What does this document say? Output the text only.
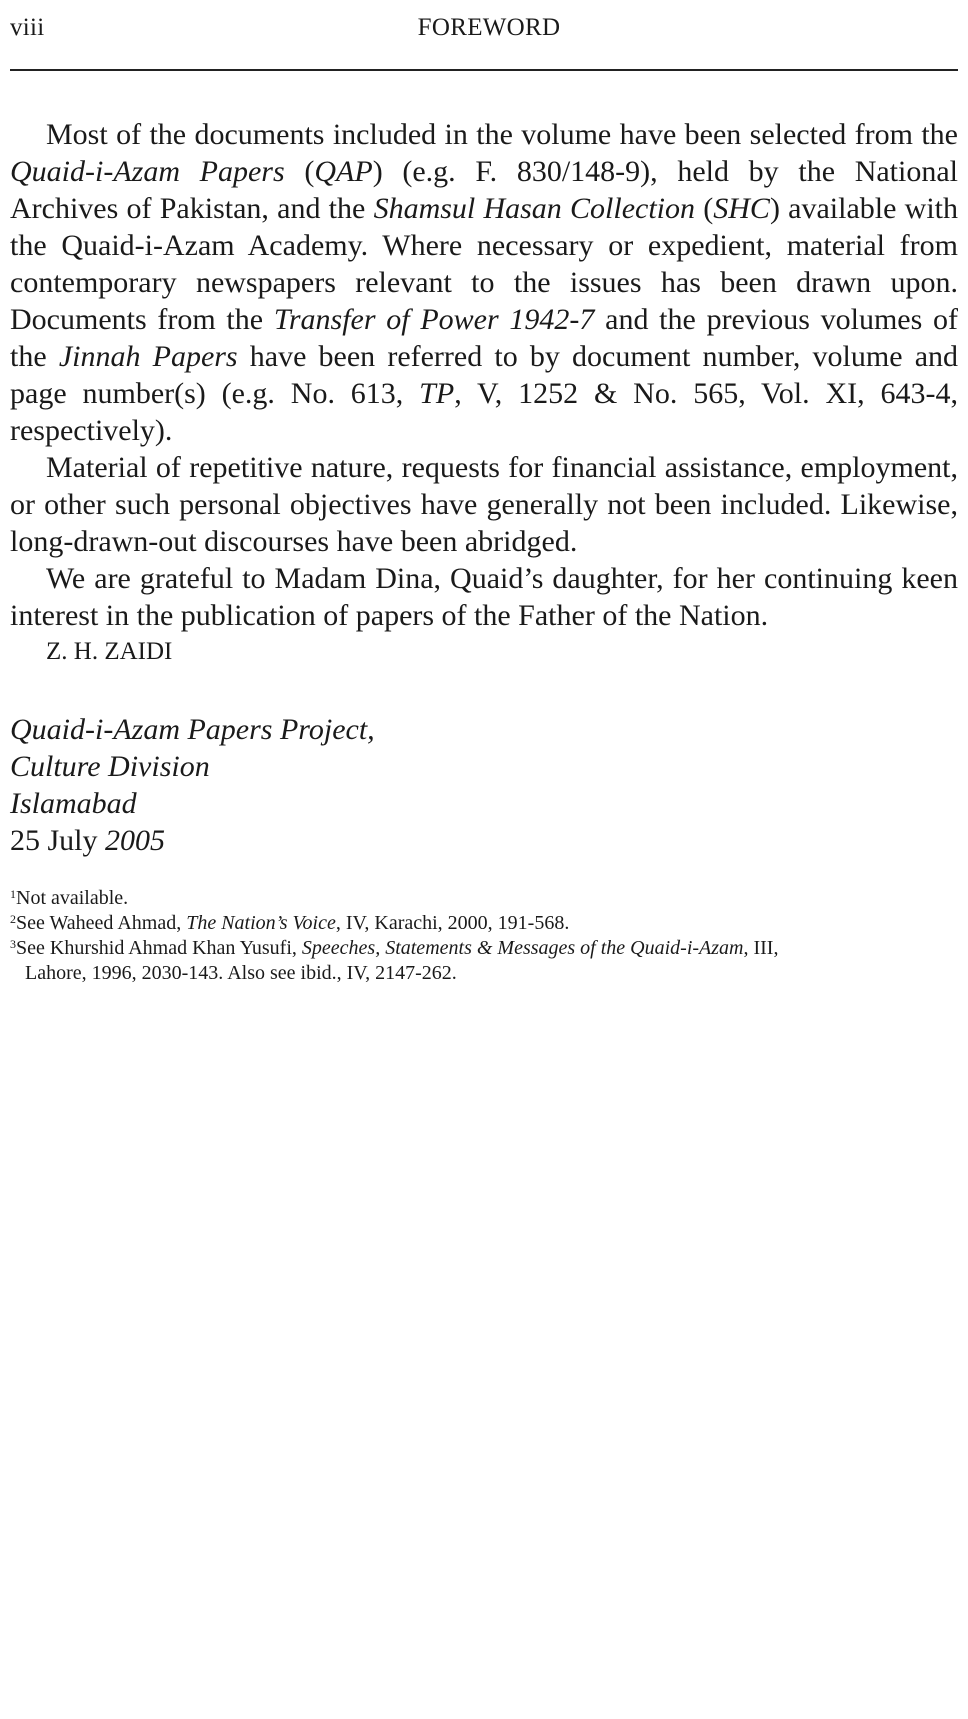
viii	FOREWORD

Most of the documents included in the volume have been selected from the Quaid-i-Azam Papers (QAP) (e.g. F. 830/148-9), held by the National Archives of Pakistan, and the Shamsul Hasan Collection (SHC) available with the Quaid-i-Azam Academy. Where necessary or expedient, material from contemporary newspapers relevant to the issues has been drawn upon. Documents from the Transfer of Power 1942-7 and the previous volumes of the Jinnah Papers have been referred to by document number, volume and page number(s) (e.g. No. 613, TP, V, 1252 & No. 565, Vol. XI, 643-4, respectively).

Material of repetitive nature, requests for financial assistance, employment, or other such personal objectives have generally not been included. Likewise, long-drawn-out discourses have been abridged.

We are grateful to Madam Dina, Quaid’s daughter, for her continuing keen interest in the publication of papers of the Father of the Nation.

Z. H. ZAIDI

Quaid-i-Azam Papers Project,
Culture Division
Islamabad
25 July 2005

$^1$Not available.

$^2$See Waheed Ahmad, The Nation’s Voice, IV, Karachi, 2000, 191-568.

$^3$See Khurshid Ahmad Khan Yusufi, Speeches, Statements & Messages of the Quaid-i-Azam, III,

Lahore, 1996, 2030-143. Also see ibid., IV, 2147-262.
